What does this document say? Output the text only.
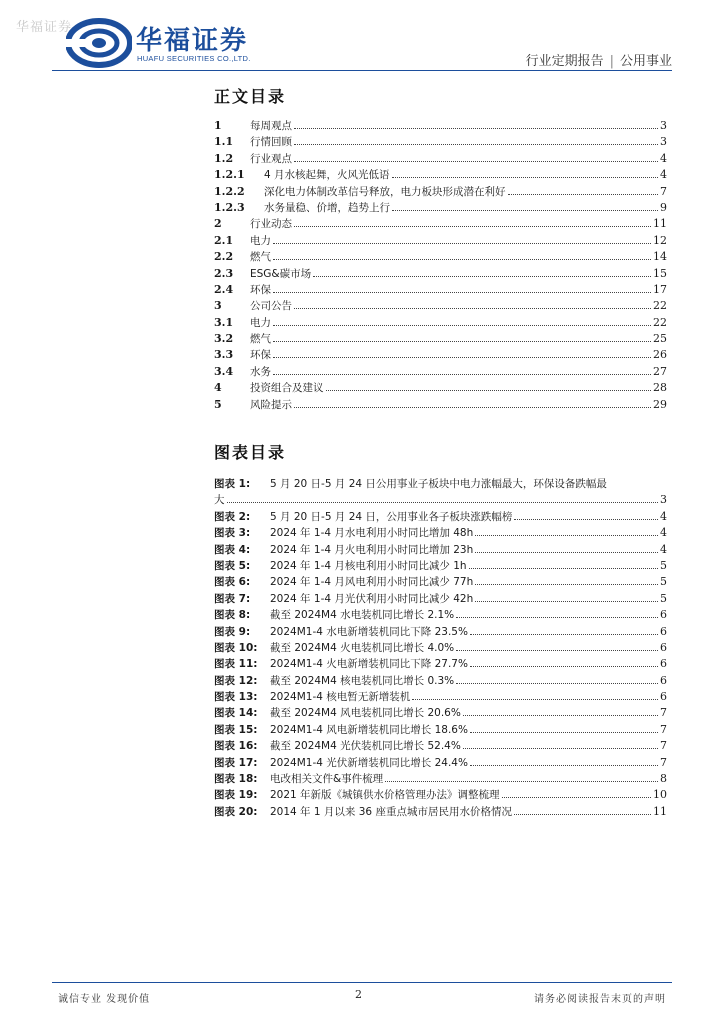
华福证券 华福证券
HUAFU SECURITIES CO.,LTD.	行业定期报告 | 公用事业
正文目录
1	每周观点	3
1.1	行情回顾	3
1.2	行业观点	4
1.2.1	4 月水核起舞，火风光低语	4
1.2.2	深化电力体制改革信号释放，电力板块形成潜在利好	7
1.2.3	水务量稳、价增，趋势上行	9
2	行业动态	11
2.1	电力	12
2.2	燃气	14
2.3	ESG&碳市场	15
2.4	环保	17
3	公司公告	22
3.1	电力	22
3.2	燃气	25
3.3	环保	26
3.4	水务	27
4	投资组合及建议	28
5	风险提示	29
图表目录
图表 1: 5 月 20 日-5 月 24 日公用事业子板块中电力涨幅最大，环保设备跌幅最
大	3
图表 2:	5 月 20 日-5 月 24 日，公用事业各子板块涨跌幅榜	4
图表 3:	2024 年 1-4 月水电利用小时同比增加 48h	4
图表 4:	2024 年 1-4 月火电利用小时同比增加 23h	4
图表 5:	2024 年 1-4 月核电利用小时同比减少 1h	5
图表 6:	2024 年 1-4 月风电利用小时同比减少 77h	5
图表 7:	2024 年 1-4 月光伏利用小时同比减少 42h	5
图表 8:	截至 2024M4 水电装机同比增长 2.1%	6
图表 9:	2024M1-4 水电新增装机同比下降 23.5%	6
图表 10:	截至 2024M4 火电装机同比增长 4.0%	6
图表 11:	2024M1-4 火电新增装机同比下降 27.7%	6
图表 12:	截至 2024M4 核电装机同比增长 0.3%	6
图表 13:	2024M1-4 核电暂无新增装机	6
图表 14:	截至 2024M4 风电装机同比增长 20.6%	7
图表 15:	2024M1-4 风电新增装机同比增长 18.6%	7
图表 16:	截至 2024M4 光伏装机同比增长 52.4%	7
图表 17:	2024M1-4 光伏新增装机同比增长 24.4%	7
图表 18:	电改相关文件&事件梳理	8
图表 19:	2021 年新版《城镇供水价格管理办法》调整梳理	10
图表 20:	2014 年 1 月以来 36 座重点城市居民用水价格情况	11
诚信专业 发现价值	2	请务必阅读报告末页的声明
